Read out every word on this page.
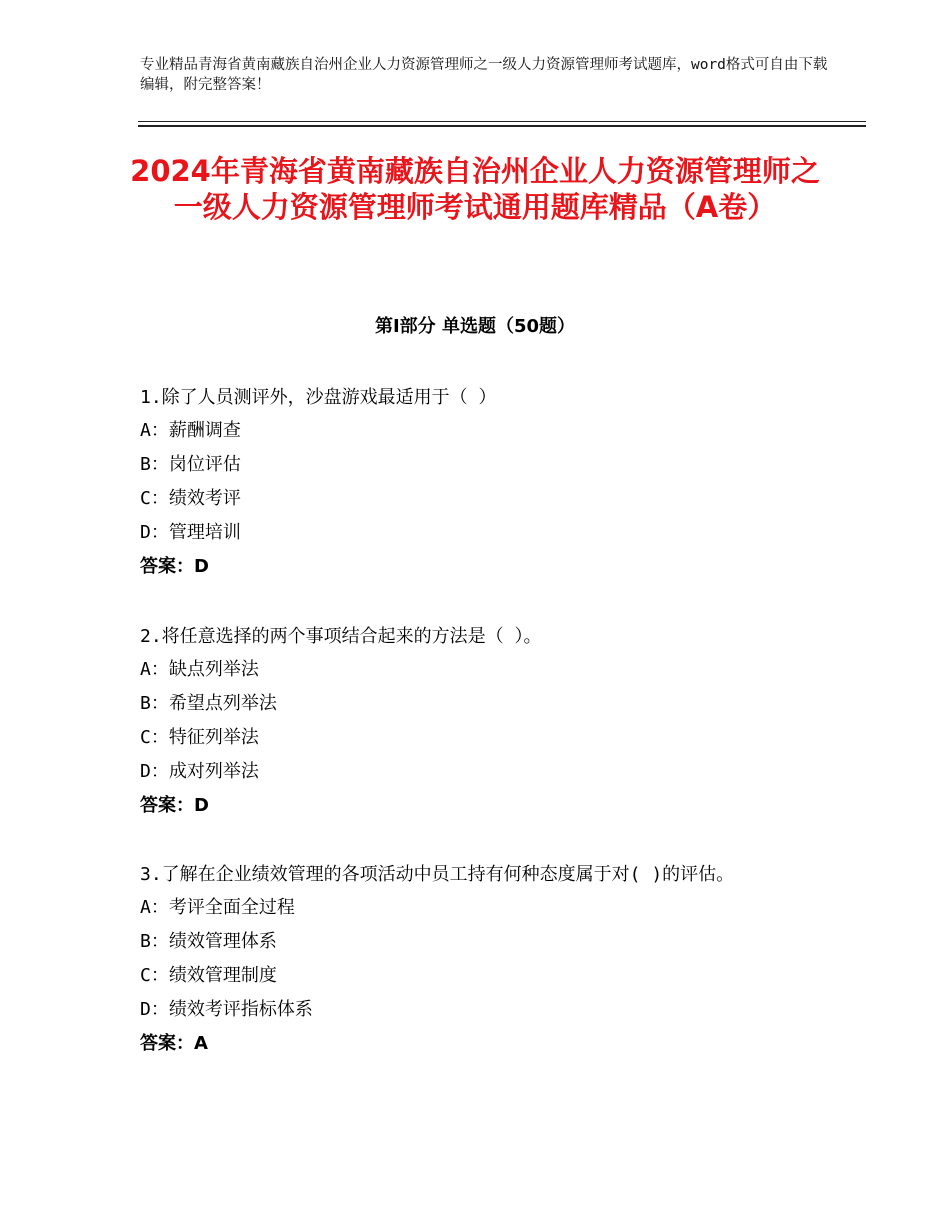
专业精品青海省黄南藏族自治州企业人力资源管理师之一级人力资源管理师考试题库，word格式可自由下载编辑，附完整答案！
2024年青海省黄南藏族自治州企业人力资源管理师之一级人力资源管理师考试通用题库精品（A卷）
第Ⅰ部分 单选题（50题）

1.除了人员测评外，沙盘游戏最适用于（ ）

A：薪酬调查

B：岗位评估

C：绩效考评

D：管理培训

答案：D

2.将任意选择的两个事项结合起来的方法是（ ）。

A：缺点列举法

B：希望点列举法

C：特征列举法

D：成对列举法

答案：D

3.了解在企业绩效管理的各项活动中员工持有何种态度属于对( )的评估。

A：考评全面全过程

B：绩效管理体系

C：绩效管理制度

D：绩效考评指标体系

答案：A
